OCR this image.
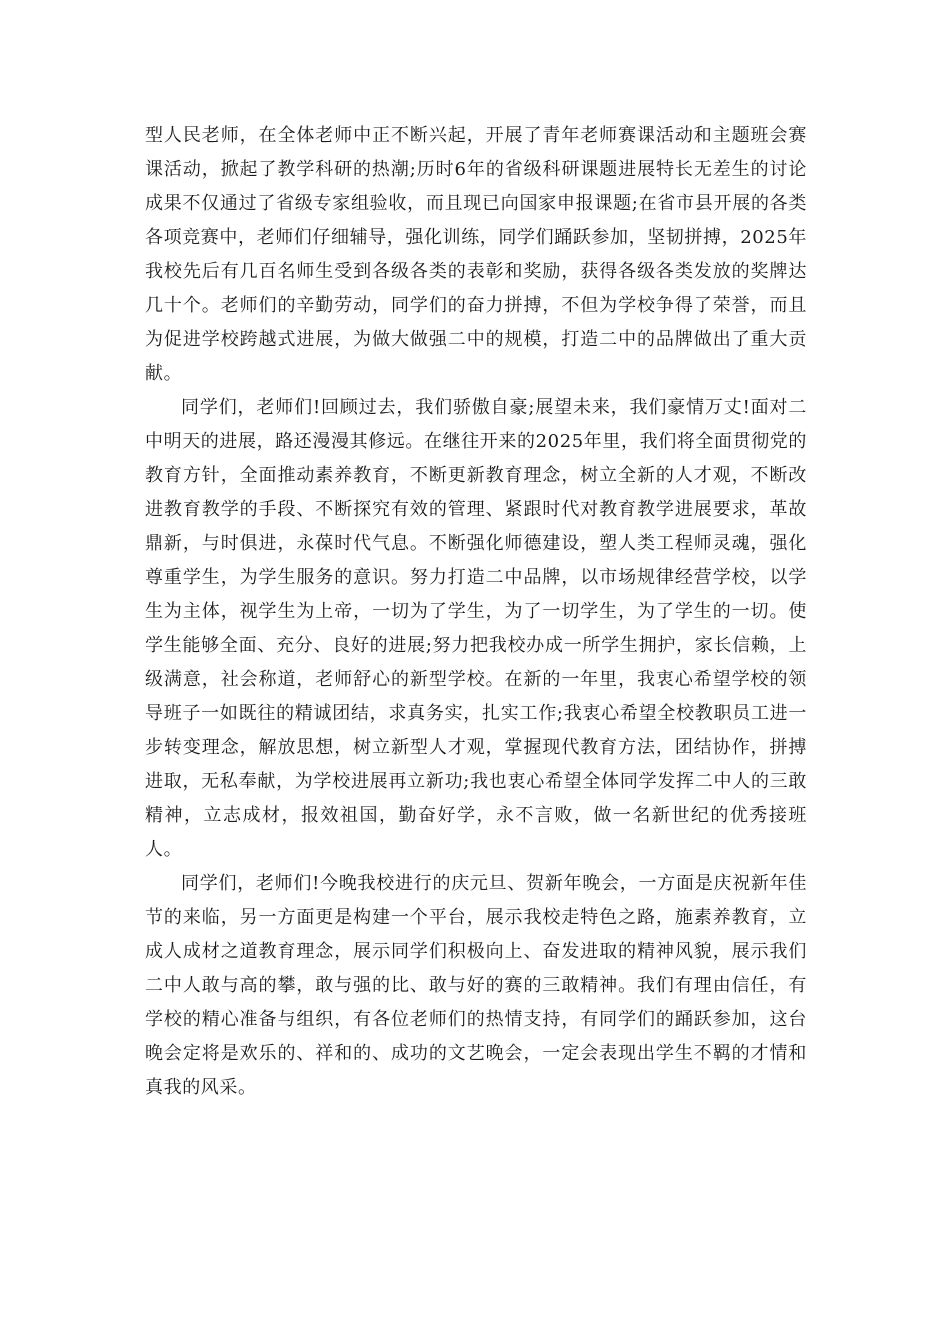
型人民老师，在全体老师中正不断兴起，开展了青年老师赛课活动和主题班会赛课活动，掀起了教学科研的热潮;历时6年的省级科研课题进展特长无差生的讨论成果不仅通过了省级专家组验收，而且现已向国家申报课题;在省市县开展的各类各项竞赛中，老师们仔细辅导，强化训练，同学们踊跃参加，坚韧拼搏，2025年我校先后有几百名师生受到各级各类的表彰和奖励，获得各级各类发放的奖牌达几十个。老师们的辛勤劳动，同学们的奋力拼搏，不但为学校争得了荣誉，而且为促进学校跨越式进展，为做大做强二中的规模，打造二中的品牌做出了重大贡献。

同学们，老师们!回顾过去，我们骄傲自豪;展望未来，我们豪情万丈!面对二中明天的进展，路还漫漫其修远。在继往开来的2025年里，我们将全面贯彻党的教育方针，全面推动素养教育，不断更新教育理念，树立全新的人才观，不断改进教育教学的手段、不断探究有效的管理、紧跟时代对教育教学进展要求，革故鼎新，与时俱进，永葆时代气息。不断强化师德建设，塑人类工程师灵魂，强化尊重学生，为学生服务的意识。努力打造二中品牌，以市场规律经营学校，以学生为主体，视学生为上帝，一切为了学生，为了一切学生，为了学生的一切。使学生能够全面、充分、良好的进展;努力把我校办成一所学生拥护，家长信赖，上级满意，社会称道，老师舒心的新型学校。在新的一年里，我衷心希望学校的领导班子一如既往的精诚团结，求真务实，扎实工作;我衷心希望全校教职员工进一步转变理念，解放思想，树立新型人才观，掌握现代教育方法，团结协作，拼搏进取，无私奉献，为学校进展再立新功;我也衷心希望全体同学发挥二中人的三敢精神，立志成材，报效祖国，勤奋好学，永不言败，做一名新世纪的优秀接班人。

同学们，老师们!今晚我校进行的庆元旦、贺新年晚会，一方面是庆祝新年佳节的来临，另一方面更是构建一个平台，展示我校走特色之路，施素养教育，立成人成材之道教育理念，展示同学们积极向上、奋发进取的精神风貌，展示我们二中人敢与高的攀，敢与强的比、敢与好的赛的三敢精神。我们有理由信任，有学校的精心准备与组织，有各位老师们的热情支持，有同学们的踊跃参加，这台晚会定将是欢乐的、祥和的、成功的文艺晚会，一定会表现出学生不羁的才情和真我的风采。
